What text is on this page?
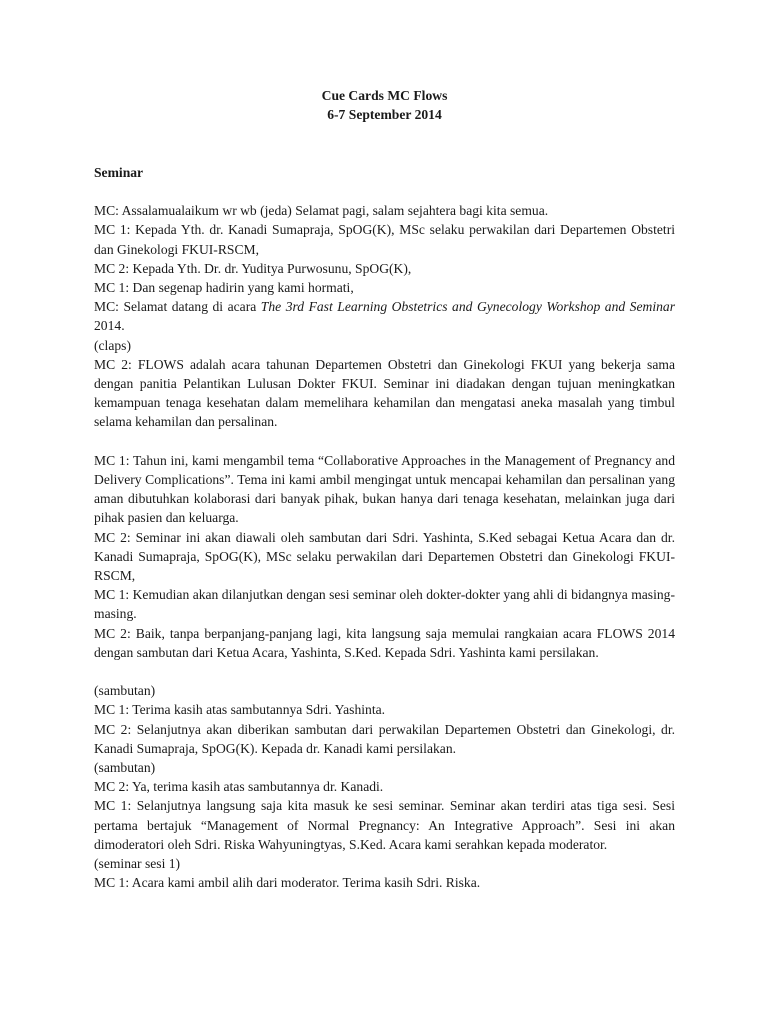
Cue Cards MC Flows

6-7 September 2014

Seminar

MC: Assalamualaikum wr wb (jeda) Selamat pagi, salam sejahtera bagi kita semua.

MC 1: Kepada Yth. dr. Kanadi Sumapraja, SpOG(K), MSc selaku perwakilan dari Departemen Obstetri dan Ginekologi FKUI-RSCM,

MC 2: Kepada Yth. Dr. dr. Yuditya Purwosunu, SpOG(K),

MC 1: Dan segenap hadirin yang kami hormati,

MC: Selamat datang di acara The 3rd Fast Learning Obstetrics and Gynecology Workshop and Seminar 2014.

(claps)

MC 2: FLOWS adalah acara tahunan Departemen Obstetri dan Ginekologi FKUI yang bekerja sama dengan panitia Pelantikan Lulusan Dokter FKUI. Seminar ini diadakan dengan tujuan meningkatkan kemampuan tenaga kesehatan dalam memelihara kehamilan dan mengatasi aneka masalah yang timbul selama kehamilan dan persalinan.

MC 1: Tahun ini, kami mengambil tema “Collaborative Approaches in the Management of Pregnancy and Delivery Complications”. Tema ini kami ambil mengingat untuk mencapai kehamilan dan persalinan yang aman dibutuhkan kolaborasi dari banyak pihak, bukan hanya dari tenaga kesehatan, melainkan juga dari pihak pasien dan keluarga.

MC 2: Seminar ini akan diawali oleh sambutan dari Sdri. Yashinta, S.Ked sebagai Ketua Acara dan dr. Kanadi Sumapraja, SpOG(K), MSc selaku perwakilan dari Departemen Obstetri dan Ginekologi FKUI-RSCM,

MC 1: Kemudian akan dilanjutkan dengan sesi seminar oleh dokter-dokter yang ahli di bidangnya masing-masing.

MC 2: Baik, tanpa berpanjang-panjang lagi, kita langsung saja memulai rangkaian acara FLOWS 2014 dengan sambutan dari Ketua Acara, Yashinta, S.Ked. Kepada Sdri. Yashinta kami persilakan.

(sambutan)

MC 1: Terima kasih atas sambutannya Sdri. Yashinta.

MC 2: Selanjutnya akan diberikan sambutan dari perwakilan Departemen Obstetri dan Ginekologi, dr. Kanadi Sumapraja, SpOG(K). Kepada dr. Kanadi kami persilakan.

(sambutan)

MC 2: Ya, terima kasih atas sambutannya dr. Kanadi.

MC 1: Selanjutnya langsung saja kita masuk ke sesi seminar. Seminar akan terdiri atas tiga sesi. Sesi pertama bertajuk “Management of Normal Pregnancy: An Integrative Approach”. Sesi ini akan dimoderatori oleh Sdri. Riska Wahyuningtyas, S.Ked. Acara kami serahkan kepada moderator.

(seminar sesi 1)

MC 1: Acara kami ambil alih dari moderator. Terima kasih Sdri. Riska.
